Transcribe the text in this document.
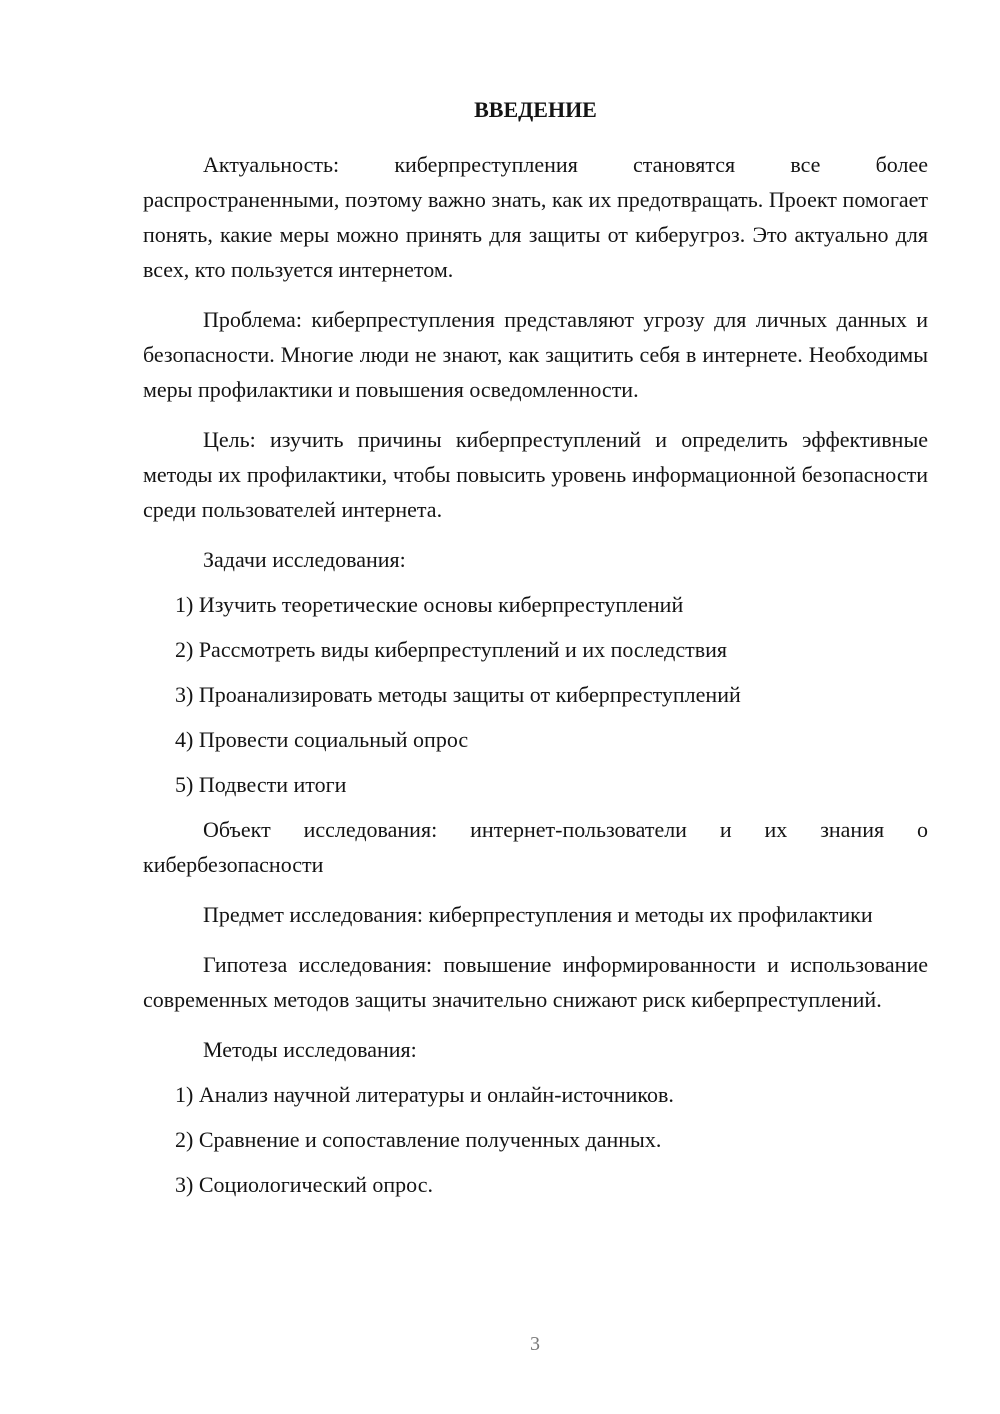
ВВЕДЕНИЕ

Актуальность: киберпреступления становятся все более распространенными, поэтому важно знать, как их предотвращать. Проект помогает понять, какие меры можно принять для защиты от киберугроз. Это актуально для всех, кто пользуется интернетом.

Проблема: киберпреступления представляют угрозу для личных данных и безопасности. Многие люди не знают, как защитить себя в интернете. Необходимы меры профилактики и повышения осведомленности.

Цель: изучить причины киберпреступлений и определить эффективные методы их профилактики, чтобы повысить уровень информационной безопасности среди пользователей интернета.

Задачи исследования:

1) Изучить теоретические основы киберпреступлений
2) Рассмотреть виды киберпреступлений и их последствия
3) Проанализировать методы защиты от киберпреступлений
4) Провести социальный опрос
5) Подвести итоги

Объект исследования: интернет-пользователи и их знания о кибербезопасности

Предмет исследования: киберпреступления и методы их профилактики

Гипотеза исследования: повышение информированности и использование современных методов защиты значительно снижают риск киберпреступлений.

Методы исследования:

1) Анализ научной литературы и онлайн-источников.
2) Сравнение и сопоставление полученных данных.
3) Социологический опрос.
3
